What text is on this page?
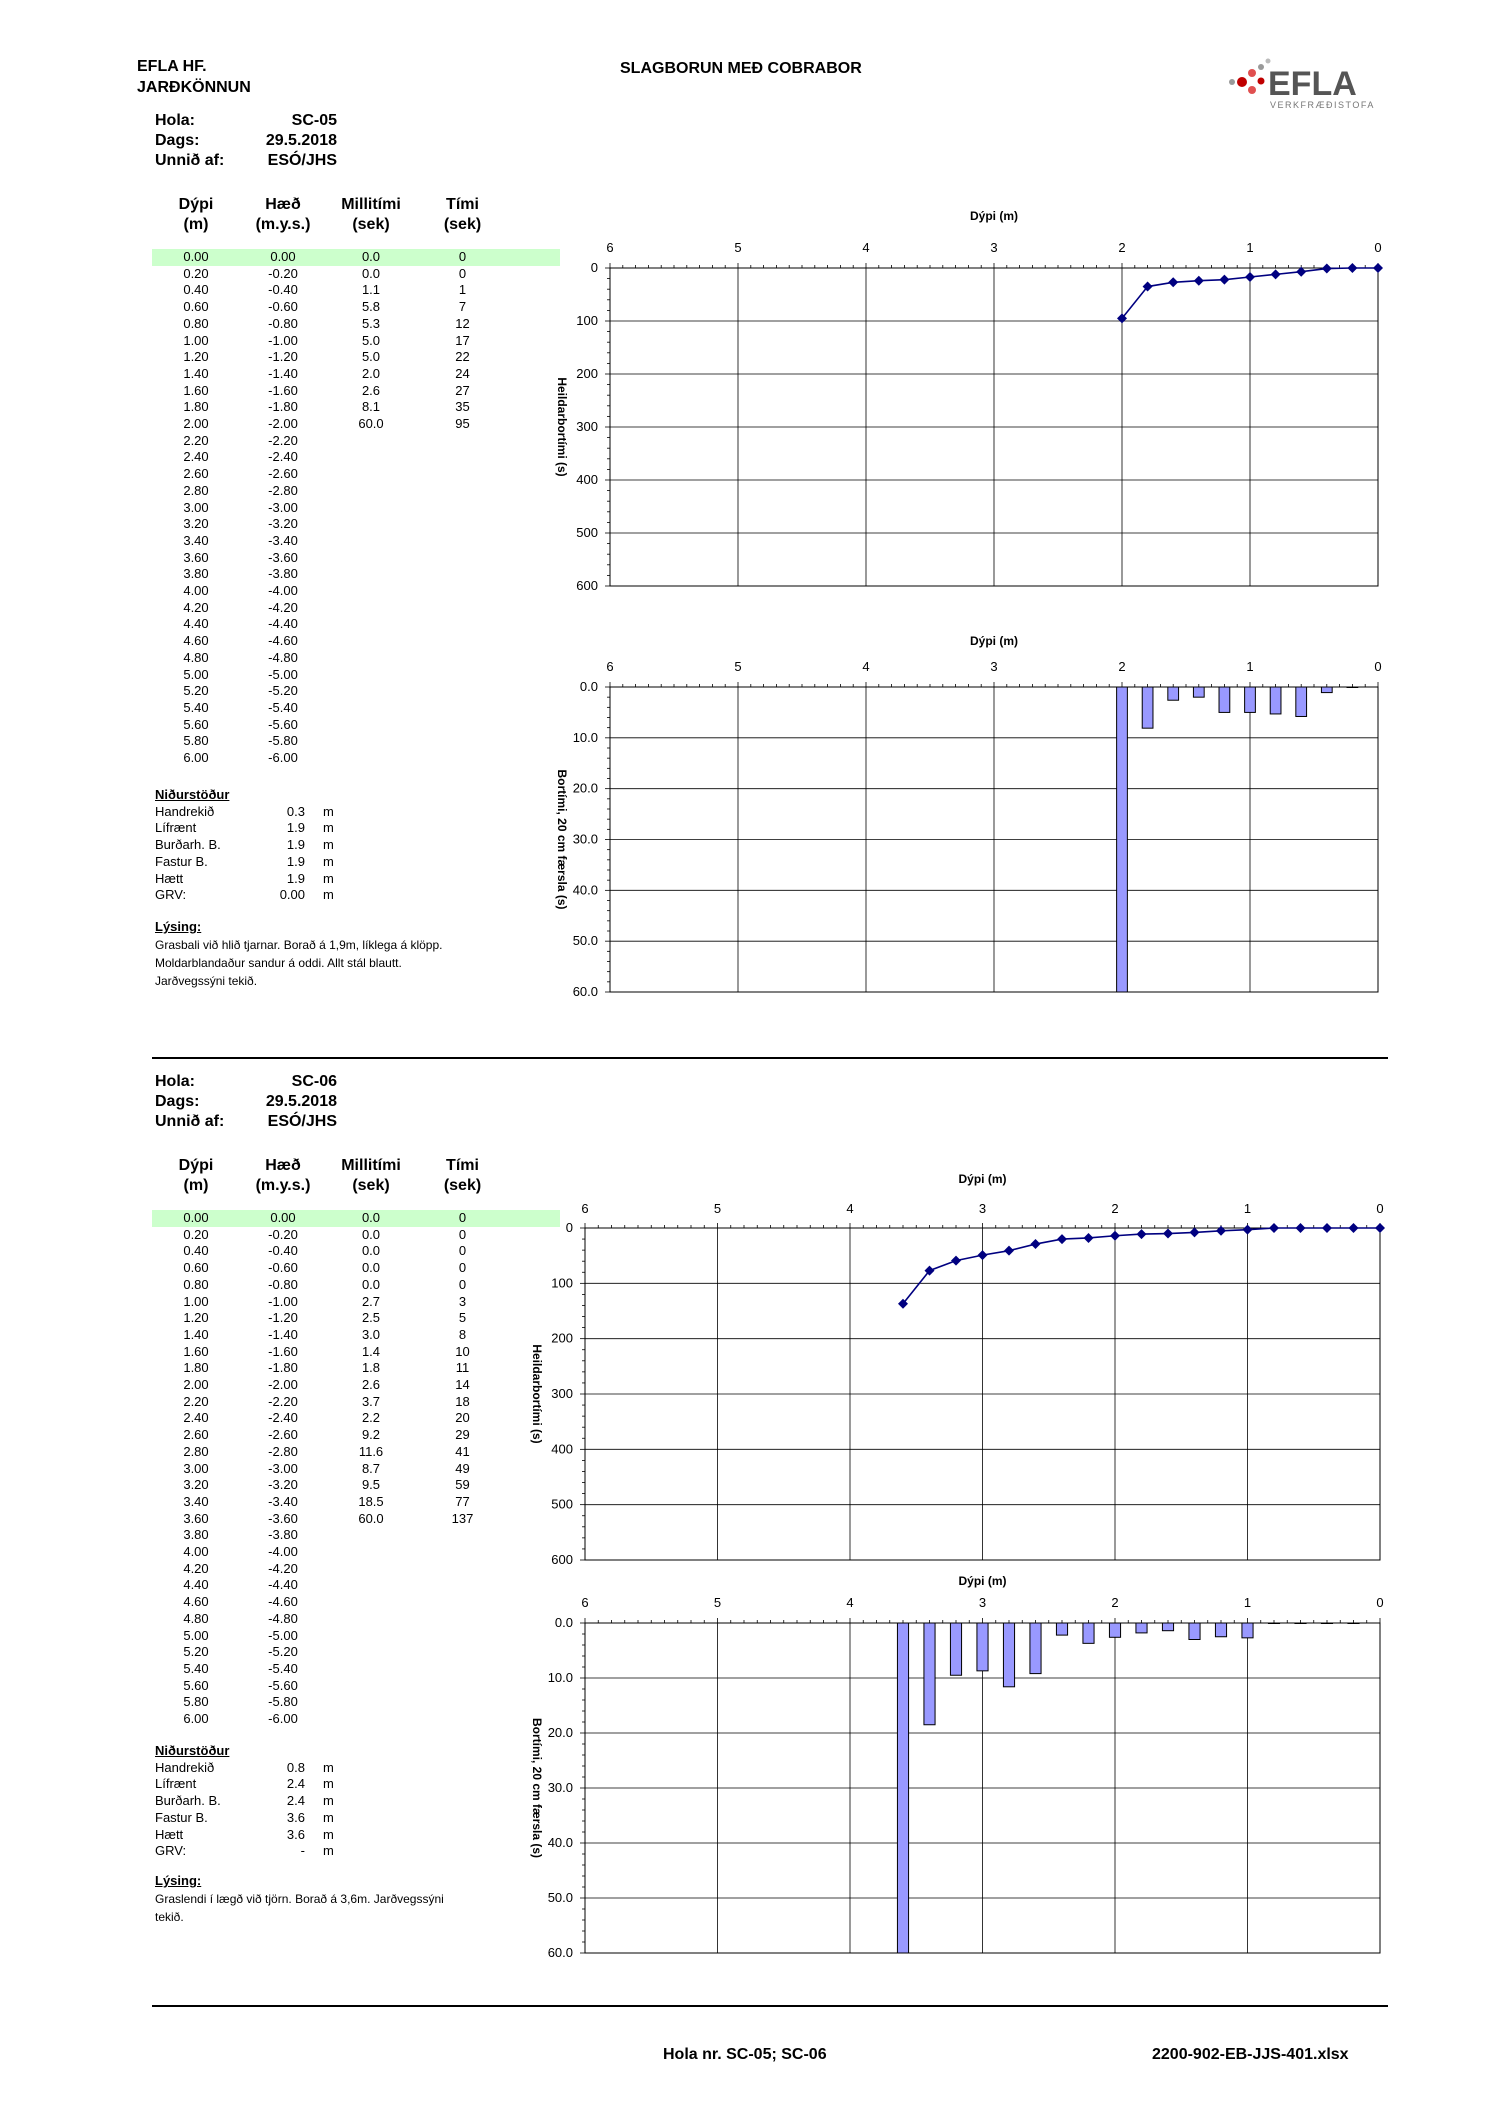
EFLA HF.
JARÐKÖNNUN
SLAGBORUN MEÐ COBRABOR	EFLA
VERKFRÆÐISTOFA
Hola:	SC-05
Dags:	29.5.2018
Unnið af:	ESÓ/JHS
Dýpi	Hæð	Millitími	Tími	
(m)	(m.y.s.)	(sek)	(sek)	

0.00	0.00	0.0	0	
0.20	-0.20	0.0	0	
0.40	-0.40	1.1	1	
0.60	-0.60	5.8	7	
0.80	-0.80	5.3	12	
1.00	-1.00	5.0	17	
1.20	-1.20	5.0	22	
1.40	-1.40	2.0	24	
1.60	-1.60	2.6	27	
1.80	-1.80	8.1	35	
2.00	-2.00	60.0	95	
2.20	-2.20			
2.40	-2.40			
2.60	-2.60			
2.80	-2.80			
3.00	-3.00			
3.20	-3.20			
3.40	-3.40			
3.60	-3.60			
3.80	-3.80			
4.00	-4.00			
4.20	-4.20			
4.40	-4.40			
4.60	-4.60			
4.80	-4.80			
5.00	-5.00			
5.20	-5.20			
5.40	-5.40			
5.60	-5.60			
5.80	-5.80			
6.00	-6.00			
Niðurstöður
Handrekið	0.3	m
Lífrænt	1.9	m
Burðarh. B.	1.9	m
Fastur B.	1.9	m
Hætt	1.9	m
GRV:	0.00	m
Lýsing:
Grasbali við hlið tjarnar. Borað á 1,9m, líklega á klöpp.
Moldarblandaður sandur á oddi. Allt stál blautt.
Jarðvegssýni tekið.
0
100
200
300
400
500
600
6	5	4	3	2	1	0
Dýpi (m)
Heildarbortími (s)
0.0
10.0
20.0
30.0
40.0
50.0
60.0
6	5	4	3	2	1	0
Dýpi (m)
Bortími, 20 cm færsla (s)
Hola:	SC-06
Dags:	29.5.2018
Unnið af:	ESÓ/JHS
Dýpi	Hæð	Millitími	Tími	
(m)	(m.y.s.)	(sek)	(sek)	

0.00	0.00	0.0	0	
0.20	-0.20	0.0	0	
0.40	-0.40	0.0	0	
0.60	-0.60	0.0	0	
0.80	-0.80	0.0	0	
1.00	-1.00	2.7	3	
1.20	-1.20	2.5	5	
1.40	-1.40	3.0	8	
1.60	-1.60	1.4	10	
1.80	-1.80	1.8	11	
2.00	-2.00	2.6	14	
2.20	-2.20	3.7	18	
2.40	-2.40	2.2	20	
2.60	-2.60	9.2	29	
2.80	-2.80	11.6	41	
3.00	-3.00	8.7	49	
3.20	-3.20	9.5	59	
3.40	-3.40	18.5	77	
3.60	-3.60	60.0	137	
3.80	-3.80			
4.00	-4.00			
4.20	-4.20			
4.40	-4.40			
4.60	-4.60			
4.80	-4.80			
5.00	-5.00			
5.20	-5.20			
5.40	-5.40			
5.60	-5.60			
5.80	-5.80			
6.00	-6.00			
Niðurstöður
Handrekið	0.8	m
Lífrænt	2.4	m
Burðarh. B.	2.4	m
Fastur B.	3.6	m
Hætt	3.6	m
GRV:	-	m
Lýsing:
Graslendi í lægð við tjörn. Borað á 3,6m. Jarðvegssýni
tekið.
0
100
200
300
400
500
600
6	5	4	3	2	1	0
Dýpi (m)
Heildarbortími (s)
0.0
10.0
20.0
30.0
40.0
50.0
60.0
6	5	4	3	2	1	0
Dýpi (m)
Bortími, 20 cm færsla (s)
Hola nr. SC-05; SC-06	2200-902-EB-JJS-401.xlsx
